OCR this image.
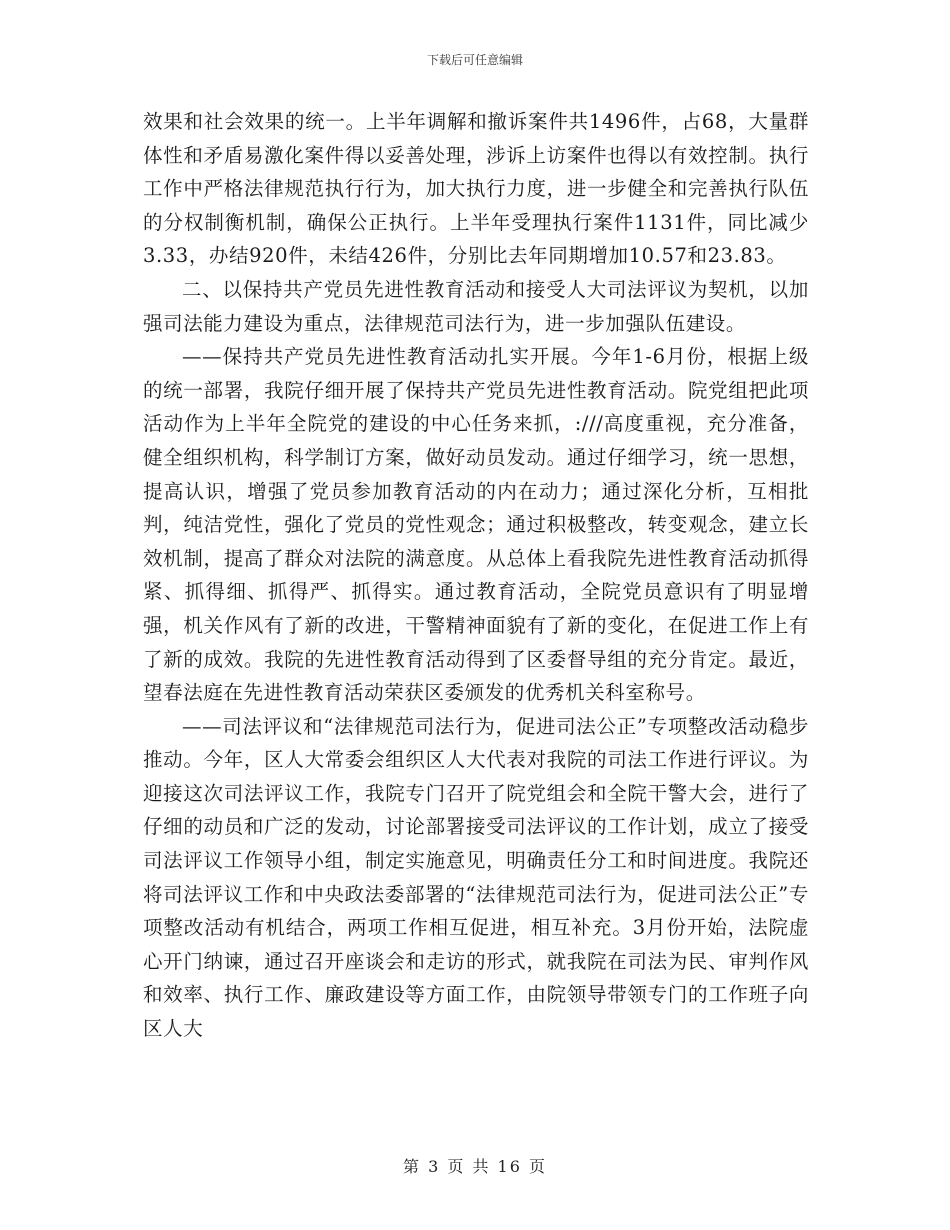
下载后可任意编辑

效果和社会效果的统一。上半年调解和撤诉案件共1496件，占68，大量群体性和矛盾易激化案件得以妥善处理，涉诉上访案件也得以有效控制。执行工作中严格法律规范执行行为，加大执行力度，进一步健全和完善执行队伍的分权制衡机制，确保公正执行。上半年受理执行案件1131件，同比减少3.33，办结920件，未结426件，分别比去年同期增加10.57和23.83。

二、以保持共产党员先进性教育活动和接受人大司法评议为契机，以加强司法能力建设为重点，法律规范司法行为，进一步加强队伍建设。

——保持共产党员先进性教育活动扎实开展。今年1-6月份，根据上级的统一部署，我院仔细开展了保持共产党员先进性教育活动。院党组把此项活动作为上半年全院党的建设的中心任务来抓，:///高度重视，充分准备，健全组织机构，科学制订方案，做好动员发动。通过仔细学习，统一思想，提高认识，增强了党员参加教育活动的内在动力；通过深化分析，互相批判，纯洁党性，强化了党员的党性观念；通过积极整改，转变观念，建立长效机制，提高了群众对法院的满意度。从总体上看我院先进性教育活动抓得紧、抓得细、抓得严、抓得实。通过教育活动，全院党员意识有了明显增强，机关作风有了新的改进，干警精神面貌有了新的变化，在促进工作上有了新的成效。我院的先进性教育活动得到了区委督导组的充分肯定。最近，望春法庭在先进性教育活动荣获区委颁发的优秀机关科室称号。

——司法评议和“法律规范司法行为，促进司法公正”专项整改活动稳步推动。今年，区人大常委会组织区人大代表对我院的司法工作进行评议。为迎接这次司法评议工作，我院专门召开了院党组会和全院干警大会，进行了仔细的动员和广泛的发动，讨论部署接受司法评议的工作计划，成立了接受司法评议工作领导小组，制定实施意见，明确责任分工和时间进度。我院还将司法评议工作和中央政法委部署的“法律规范司法行为，促进司法公正”专项整改活动有机结合，两项工作相互促进，相互补充。3月份开始，法院虚心开门纳谏，通过召开座谈会和走访的形式，就我院在司法为民、审判作风和效率、执行工作、廉政建设等方面工作，由院领导带领专门的工作班子向区人大

第 3 页 共 16 页
